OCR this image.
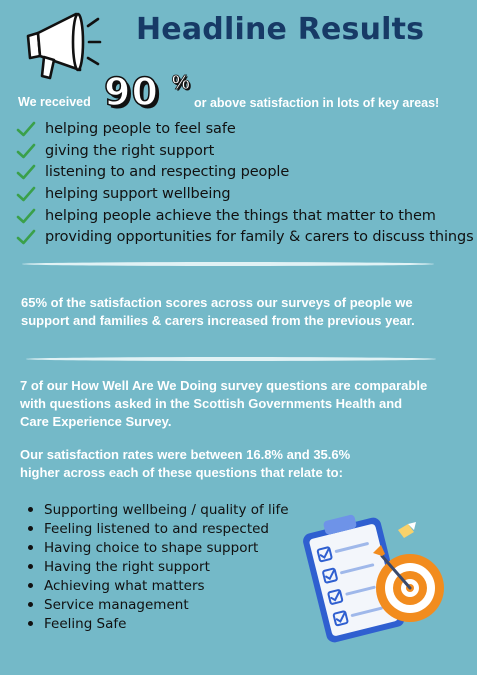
Headline Results
We received 90 %
or above satisfaction in lots of key areas!
helping people to feel safe
giving the right support
listening to and respecting people
helping support wellbeing
helping people achieve the things that matter to them
providing opportunities for family & carers to discuss things
65% of the satisfaction scores across our surveys of people we
support and families & carers increased from the previous year.
7 of our How Well Are We Doing survey questions are comparable
with questions asked in the Scottish Governments Health and
Care Experience Survey.
Our satisfaction rates were between 16.8% and 35.6%
higher across each of these questions that relate to:
Supporting wellbeing / quality of life
Feeling listened to and respected
Having choice to shape support
Having the right support
Achieving what matters
Service management
Feeling Safe
